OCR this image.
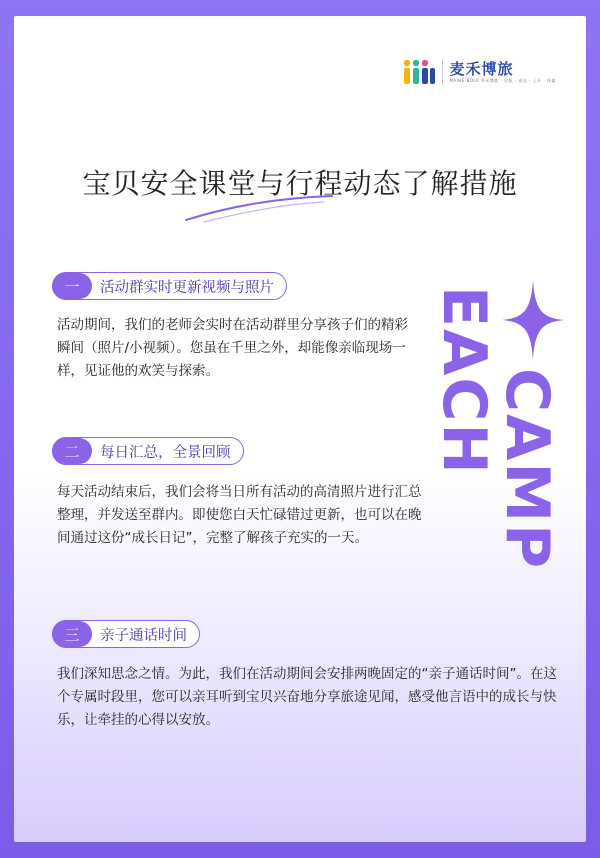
麦禾博旅
MAIHE BOLV 麦禾博旅 · 启航 · 成长 · 上升 · 探索
宝贝安全课堂与行程动态了解措施
EACH
CAMP
一	活动群实时更新视频与照片

活动期间，我们的老师会实时在活动群里分享孩子们的精彩瞬间（照片/小视频）。您虽在千里之外，却能像亲临现场一样，见证他的欢笑与探索。

二	每日汇总，全景回顾

每天活动结束后，我们会将当日所有活动的高清照片进行汇总整理，并发送至群内。即使您白天忙碌错过更新，也可以在晚间通过这份“成长日记”，完整了解孩子充实的一天。

三	亲子通话时间

我们深知思念之情。为此，我们在活动期间会安排两晚固定的“亲子通话时间”。在这个专属时段里，您可以亲耳听到宝贝兴奋地分享旅途见闻，感受他言语中的成长与快乐，让牵挂的心得以安放。
